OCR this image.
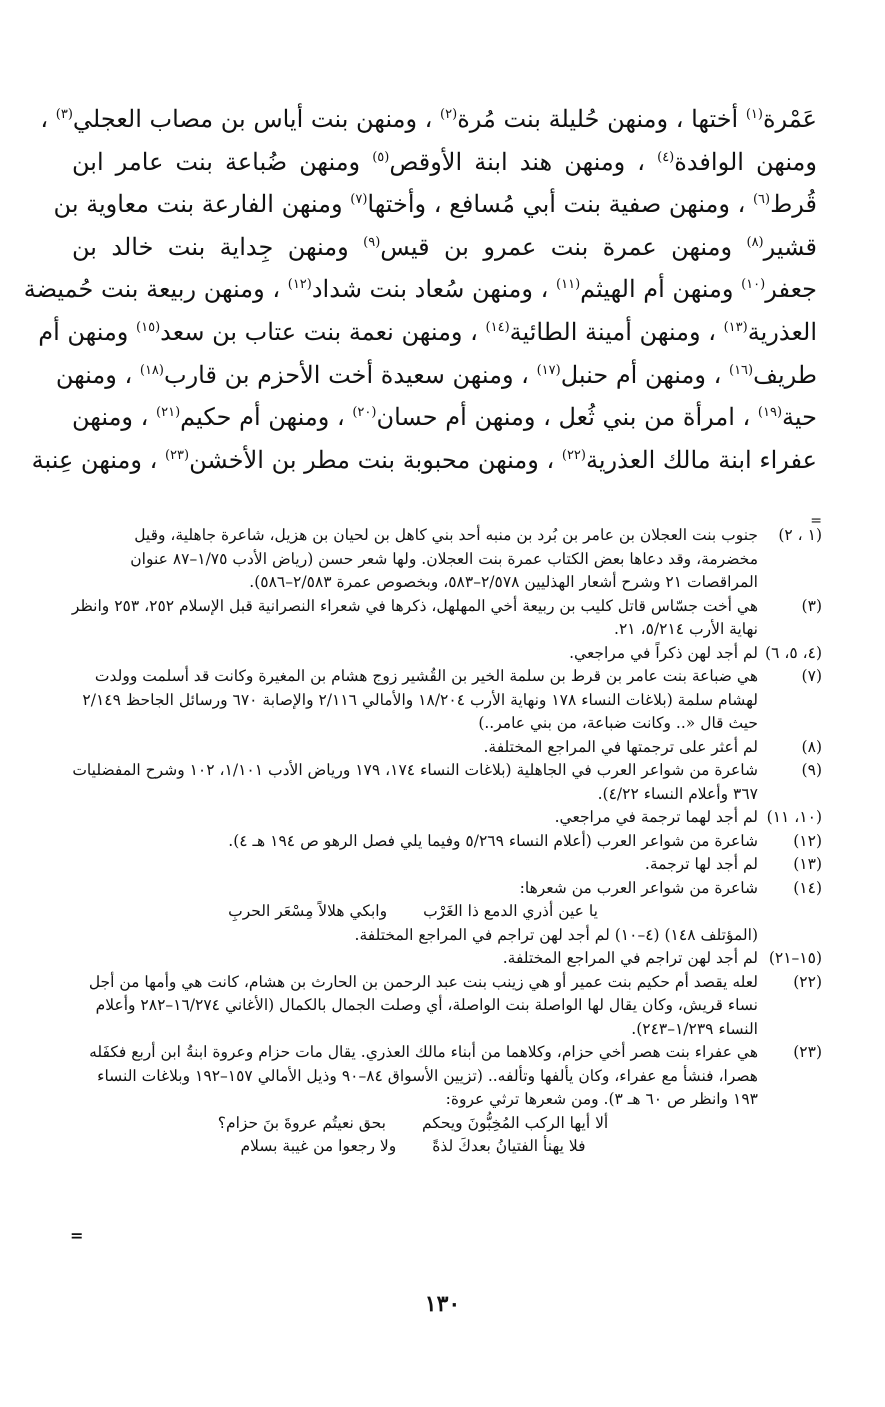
عَمْرة$^{(١)}$ أختها ، ومنهن حُليلة بنت مُرة$^{(٢)}$ ، ومنهن بنت أياس بن مصاب العجلي$^{(٣)}$ ،
ومنهن الوافدة$^{(٤)}$ ، ومنهن هند ابنة الأوقص$^{(٥)}$ ومنهن ضُباعة بنت عامر ابن
قُرط$^{(٦)}$ ، ومنهن صفية بنت أبي مُسافع ، وأختها$^{(٧)}$ ومنهن الفارعة بنت معاوية بن
قشير$^{(٨)}$ ومنهن عمرة بنت عمرو بن قيس$^{(٩)}$ ومنهن جِداية بنت خالد بن
جعفر$^{(١٠)}$ ومنهن أم الهيثم$^{(١١)}$ ، ومنهن سُعاد بنت شداد$^{(١٢)}$ ، ومنهن ربيعة بنت حُميضة
العذرية$^{(١٣)}$ ، ومنهن أمينة الطائية$^{(١٤)}$ ، ومنهن نعمة بنت عتاب بن سعد$^{(١٥)}$ ومنهن أم
طريف$^{(١٦)}$ ، ومنهن أم حنبل$^{(١٧)}$ ، ومنهن سعيدة أخت الأحزم بن قارب$^{(١٨)}$ ، ومنهن
حية$^{(١٩)}$ ، امرأة من بني ثُعل ، ومنهن أم حسان$^{(٢٠)}$ ، ومنهن أم حكيم$^{(٢١)}$ ، ومنهن
عفراء ابنة مالك العذرية$^{(٢٢)}$ ، ومنهن محبوبة بنت مطر بن الأخشن$^{(٢٣)}$ ، ومنهن عِنبة
=
(١ ، ٢)
جنوب بنت العجلان بن عامر بن بُرد بن منبه أحد بني كاهل بن لحيان بن هزيل، شاعرة جاهلية، وقيل مخضرمة، وقد دعاها بعض الكتاب عمرة بنت العجلان. ولها شعر حسن (رياض الأدب ١/٧٥–٨٧ عنوان المراقصات ٢١ وشرح أشعار الهذليين ٢/٥٧٨–٥٨٣، وبخصوص عمرة ٢/٥٨٣–٥٨٦).
(٣)
هي أخت جسّاس قاتل كليب بن ربيعة أخي المهلهل، ذكرها في شعراء النصرانية قبل الإسلام ٢٥٢، ٢٥٣ وانظر نهاية الأرب ٥/٢١٤، ٢١.
(٤، ٥، ٦)
لم أجد لهن ذكراً في مراجعي.
(٧)
هي ضباعة بنت عامر بن قرط بن سلمة الخير بن القُشير زوج هشام بن المغيرة وكانت قد أسلمت وولدت لهشام سلمة (بلاغات النساء ١٧٨ ونهاية الأرب ١٨/٢٠٤ والأمالي ٢/١١٦ والإصابة ٦٧٠ ورسائل الجاحظ ٢/١٤٩ حيث قال «.. وكانت ضباعة، من بني عامر..)
(٨)
لم أعثر على ترجمتها في المراجع المختلفة.
(٩)
شاعرة من شواعر العرب في الجاهلية (بلاغات النساء ١٧٤، ١٧٩ ورياض الأدب ١/١٠١، ١٠٢ وشرح المفضليات ٣٦٧ وأعلام النساء ٤/٢٢).
(١٠، ١١)
لم أجد لهما ترجمة في مراجعي.
(١٢)
شاعرة من شواعر العرب (أعلام النساء ٥/٢٦٩ وفيما يلي فصل الرهو ص ١٩٤ هـ ٤).
(١٣)
لم أجد لها ترجمة.
(١٤)
شاعرة من شواعر العرب من شعرها:
يا عين أذري الدمع ذا الغَرْب
وابكي هلالاً مِسْعَر الحربِ
(المؤتلف ١٤٨) (٤–١٠) لم أجد لهن تراجم في المراجع المختلفة.
(١٥–٢١)
لم أجد لهن تراجم في المراجع المختلفة.
(٢٢)
لعله يقصد أم حكيم بنت عمير أو هي زينب بنت عبد الرحمن بن الحارث بن هشام، كانت هي وأمها من أجل نساء قريش، وكان يقال لها الواصلة بنت الواصلة، أي وصلت الجمال بالكمال (الأغاني ١٦/٢٧٤–٢٨٢ وأعلام النساء ١/٢٣٩–٢٤٣).
(٢٣)
هي عفراء بنت هصر أخي حزام، وكلاهما من أبناء مالك العذري. يقال مات حزام وعروة ابنةُ ابن أربع فكفَله هصرا، فنشأ مع عفراء، وكان يألفها وتألفه.. (تزيين الأسواق ٨٤–٩٠ وذيل الأمالي ١٥٧–١٩٢ وبلاغات النساء ١٩٣ وانظر ص ٦٠ هـ ٣). ومن شعرها ترثي عروة:
ألا أيها الركب المُخِبُّونَ ويحكم
بحق نعيتُم عروةَ بنَ حزام؟
فلا يهنأ الفتيانُ بعدكَ لذةً
ولا رجعوا من غيبة بسلام
=
١٣٠
